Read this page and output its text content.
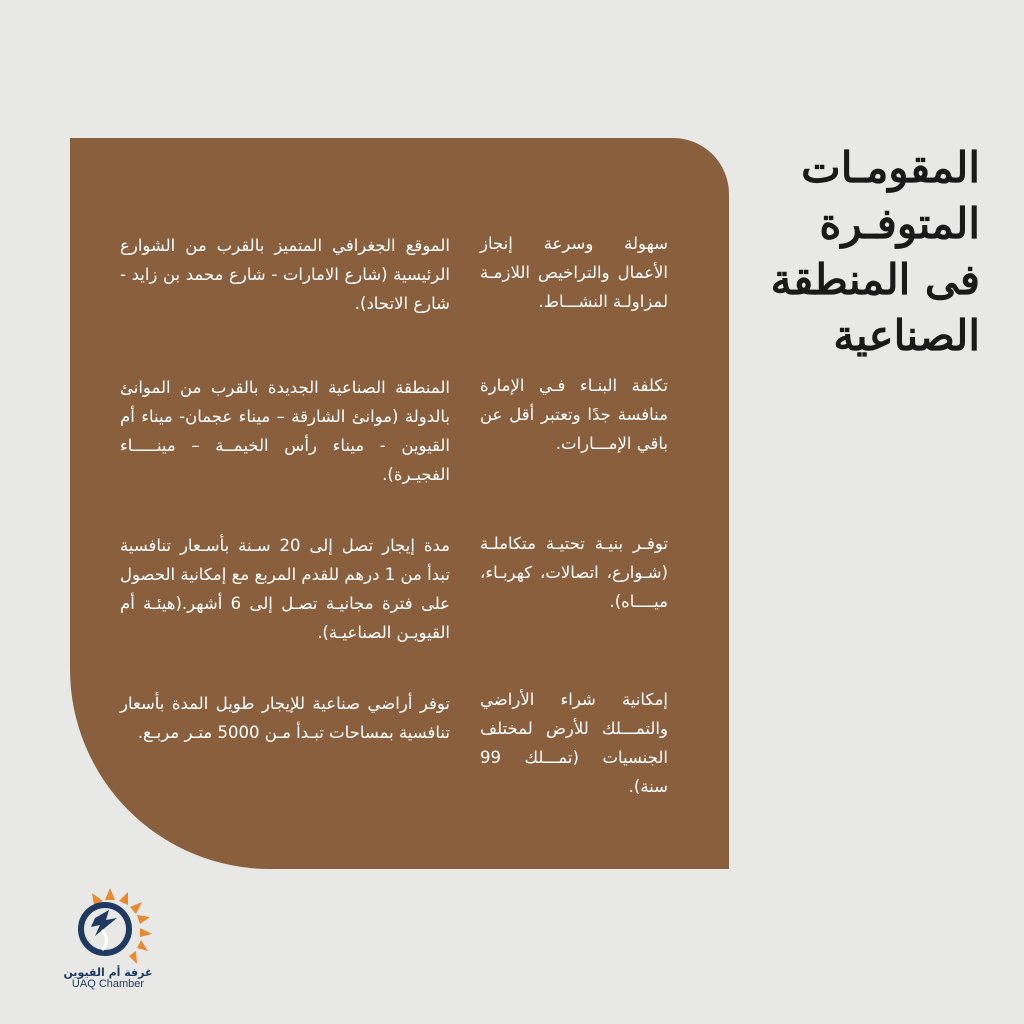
المقومـات
المتوفـرة
فى المنطقة
الصناعية

سهولة وسرعة إنجاز الأعمال والتراخيص اللازمـة لمزاولـة النشـــاط.

تكلفة البنـاء فـي الإمارة منافسة جدًا وتعتبر أقل عن باقي الإمـــارات.

توفـر بنيـة تحتيـة متكاملـة (شـوارع، اتصالات، كهربـاء، ميــــاه).

إمكانية شراء الأراضي والتمـــلك للأرض لمختلف الجنسيات (تمـــلك 99 سنة).

الموقع الجغرافي المتميز بالقرب من الشوارع الرئيسية (شارع الامارات - شارع محمد بن زايد - شارع الاتحاد).

المنطقة الصناعية الجديدة بالقرب من الموانئ بالدولة (موانئ الشارقة – ميناء عجمان- ميناء أم القيوين - ميناء رأس الخيمــة – مينـــــاء الفجيـرة).

مدة إيجار تصل إلى 20 سـنة بأسـعار تنافسية تبدأ من 1 درهم للقدم المربع مع إمكانية الحصول على فترة مجانيـة تصـل إلى 6 أشهر.(هيئـة أم القيويـن الصناعيـة).

توفر أراضي صناعية للإيجار طويل المدة بأسعار تنافسية بمساحات تبـدأ مـن 5000 متـر مربـع.

غرفة أم القيوين
UAQ Chamber
